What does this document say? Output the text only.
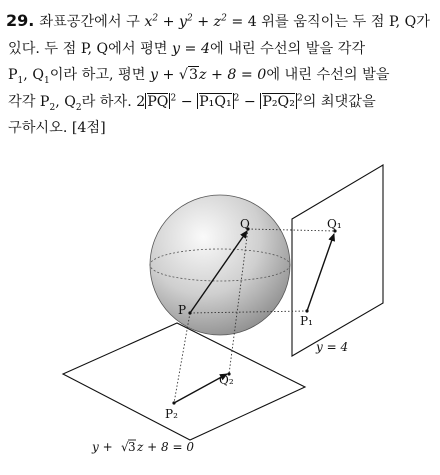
29. 좌표공간에서 구 $x^2 + y^2 + z^2 = 4$ 위를 움직이는 두 점 P, Q가
있다. 두 점 P, Q에서 평면 y = 4에 내린 수선의 발을 각각
$P_1$, $Q_1$이라 하고, 평면 y + √3z + 8 = 0에 내린 수선의 발을
각각 $P_2$, $Q_2$라 하자. 2 PQ $^2$ − P₁Q₁ $^2$ − P₂Q₂ $^2$의 최댓값을
구하시오. [4점]
P
Q	Q₁
P₁
Q₂
P₂
y = 4
y + √ 3 z + 8 = 0
